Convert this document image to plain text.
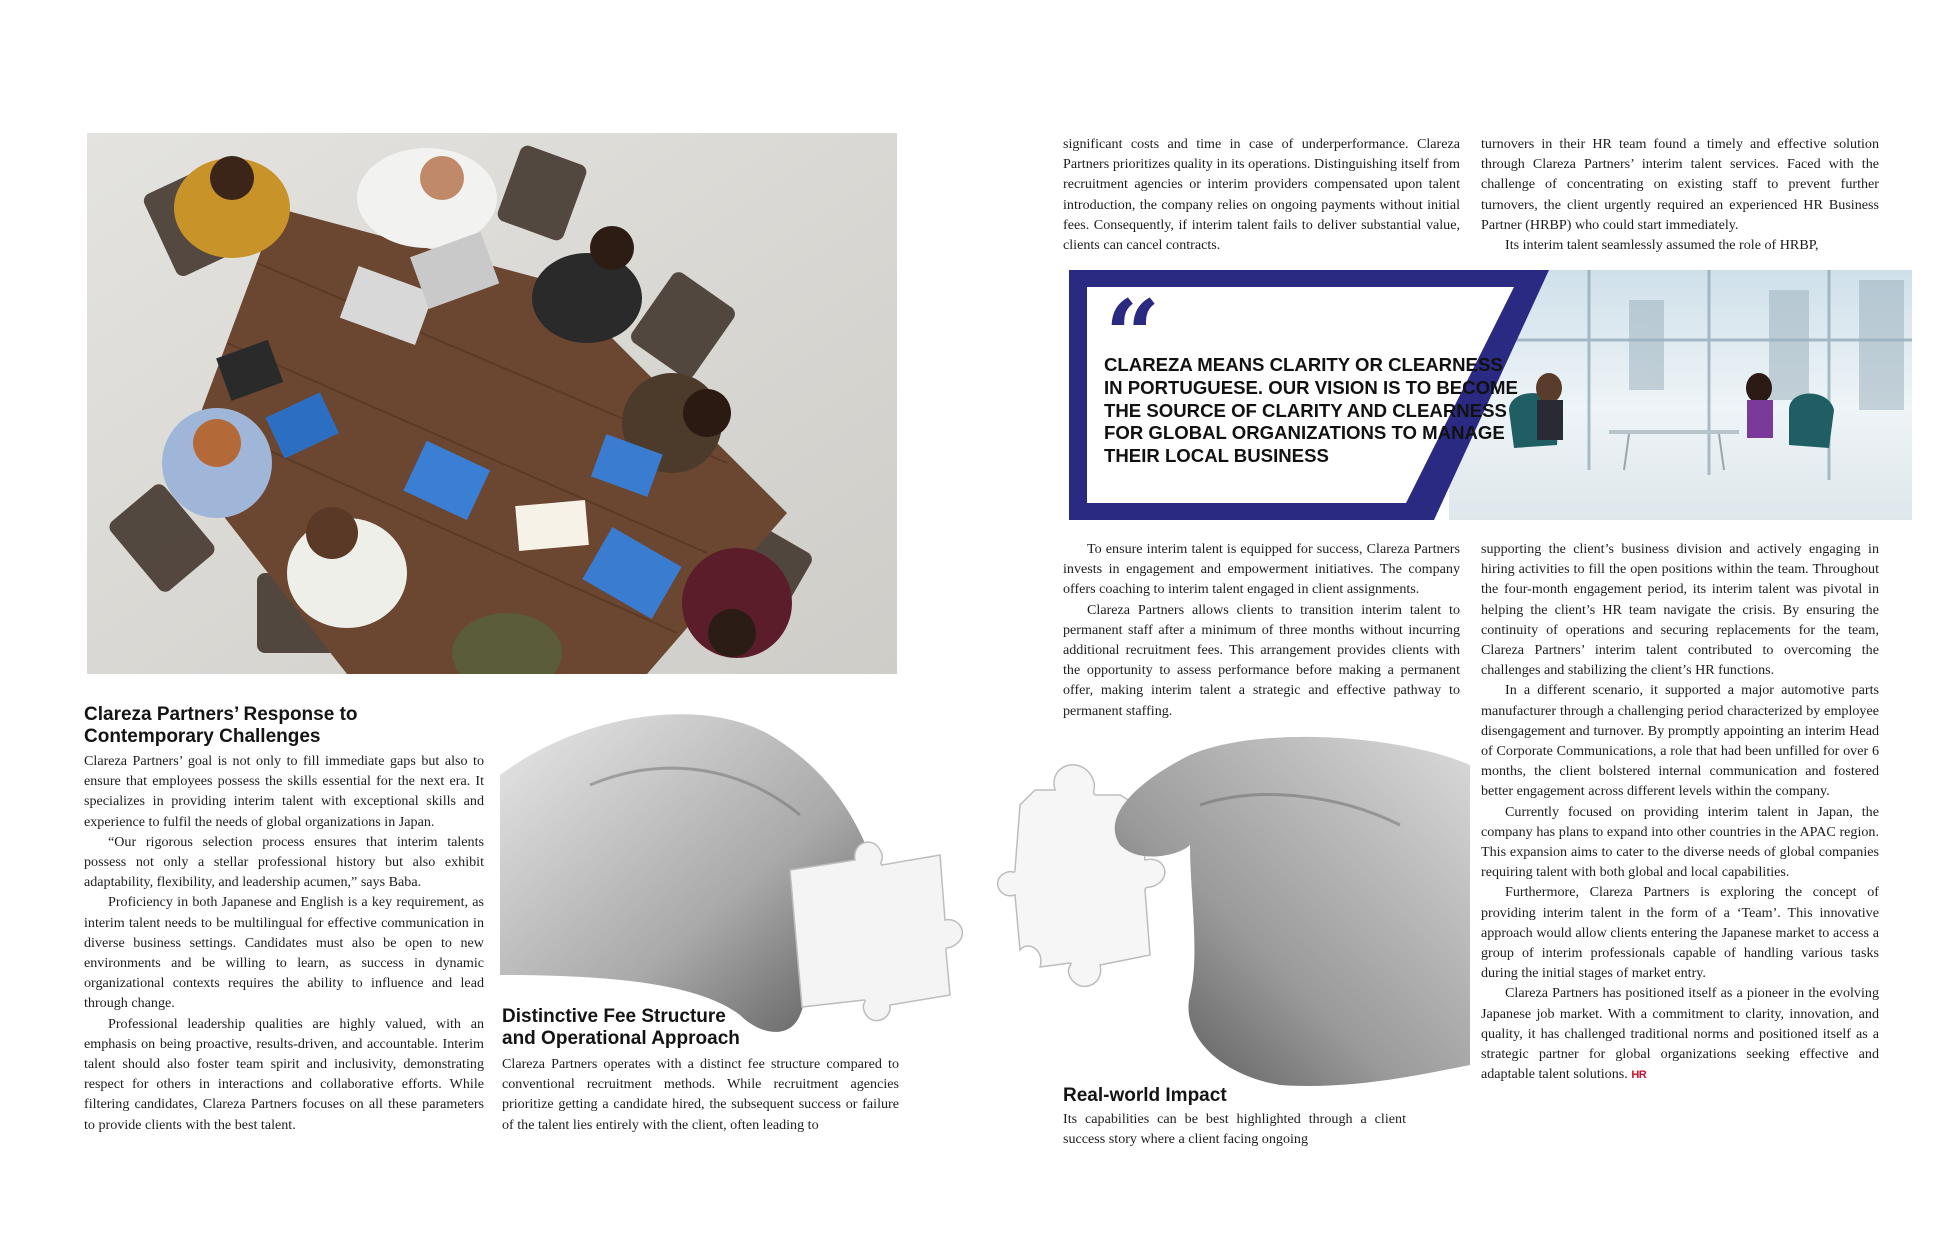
Clareza Partners’ Response to Contemporary Challenges

Clareza Partners’ goal is not only to fill immediate gaps but also to ensure that employees possess the skills essential for the next era. It specializes in providing interim talent with exceptional skills and experience to fulfil the needs of global organizations in Japan.

“Our rigorous selection process ensures that interim talents possess not only a stellar professional history but also exhibit adaptability, flexibility, and leadership acumen,” says Baba.

Proficiency in both Japanese and English is a key requirement, as interim talent needs to be multilingual for effective communication in diverse business settings. Candidates must also be open to new environments and be willing to learn, as success in dynamic organizational contexts requires the ability to influence and lead through change.

Professional leadership qualities are highly valued, with an emphasis on being proactive, results-driven, and accountable. Interim talent should also foster team spirit and inclusivity, demonstrating respect for others in interactions and collaborative efforts. While filtering candidates, Clareza Partners focuses on all these parameters to provide clients with the best talent.

Distinctive Fee Structure and Operational Approach

Clareza Partners operates with a distinct fee structure compared to conventional recruitment methods. While recruitment agencies prioritize getting a candidate hired, the subsequent success or failure of the talent lies entirely with the client, often leading to

significant costs and time in case of underperformance. Clareza Partners prioritizes quality in its operations. Distinguishing itself from recruitment agencies or interim providers compensated upon talent introduction, the company relies on ongoing payments without initial fees. Consequently, if interim talent fails to deliver substantial value, clients can cancel contracts.

turnovers in their HR team found a timely and effective solution through Clareza Partners’ interim talent services. Faced with the challenge of concentrating on existing staff to prevent further turnovers, the client urgently required an experienced HR Business Partner (HRBP) who could start immediately.

Its interim talent seamlessly assumed the role of HRBP,

“
CLAREZA MEANS CLARITY OR CLEARNESS IN PORTUGUESE. OUR VISION IS TO BECOME THE SOURCE OF CLARITY AND CLEARNESS FOR GLOBAL ORGANIZATIONS TO MANAGE THEIR LOCAL BUSINESS

To ensure interim talent is equipped for success, Clareza Partners invests in engagement and empowerment initiatives. The company offers coaching to interim talent engaged in client assignments.

Clareza Partners allows clients to transition interim talent to permanent staff after a minimum of three months without incurring additional recruitment fees. This arrangement provides clients with the opportunity to assess performance before making a permanent offer, making interim talent a strategic and effective pathway to permanent staffing.

Real-world Impact

Its capabilities can be best highlighted through a client success story where a client facing ongoing

supporting the client’s business division and actively engaging in hiring activities to fill the open positions within the team. Throughout the four-month engagement period, its interim talent was pivotal in helping the client’s HR team navigate the crisis. By ensuring the continuity of operations and securing replacements for the team, Clareza Partners’ interim talent contributed to overcoming the challenges and stabilizing the client’s HR functions.

In a different scenario, it supported a major automotive parts manufacturer through a challenging period characterized by employee disengagement and turnover. By promptly appointing an interim Head of Corporate Communications, a role that had been unfilled for over 6 months, the client bolstered internal communication and fostered better engagement across different levels within the company.

Currently focused on providing interim talent in Japan, the company has plans to expand into other countries in the APAC region. This expansion aims to cater to the diverse needs of global companies requiring talent with both global and local capabilities.

Furthermore, Clareza Partners is exploring the concept of providing interim talent in the form of a ‘Team’. This innovative approach would allow clients entering the Japanese market to access a group of interim professionals capable of handling various tasks during the initial stages of market entry.

Clareza Partners has positioned itself as a pioneer in the evolving Japanese job market. With a commitment to clarity, innovation, and quality, it has challenged traditional norms and positioned itself as a strategic partner for global organizations seeking effective and adaptable talent solutions. HR
